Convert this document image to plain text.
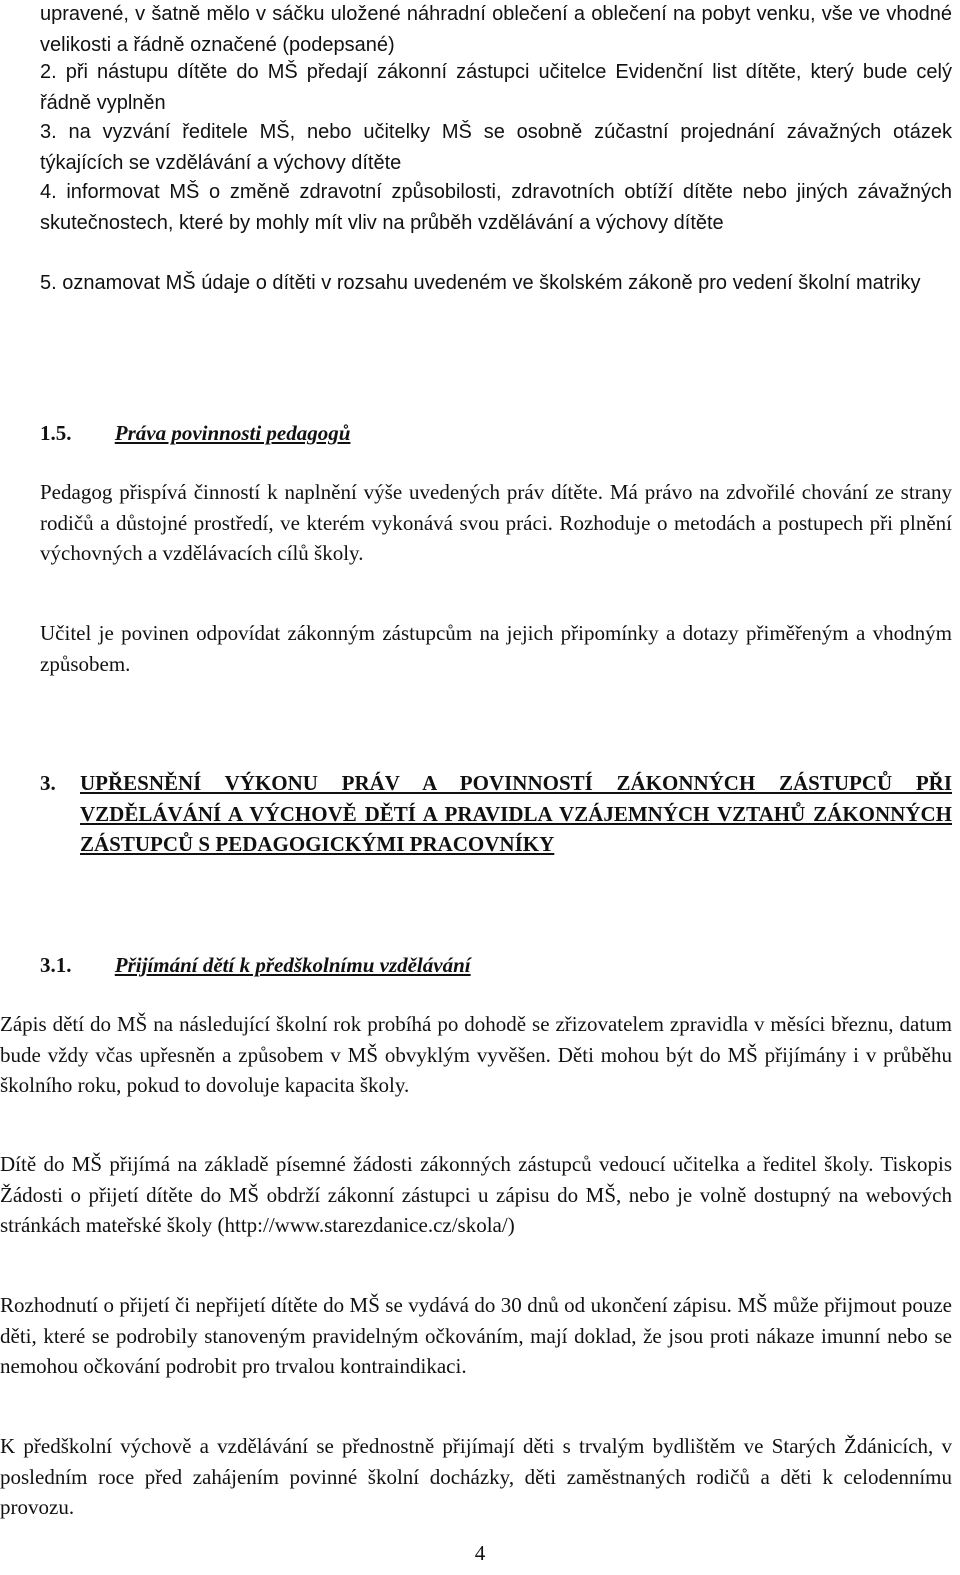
upravené, v šatně mělo v sáčku uložené náhradní oblečení a oblečení na pobyt venku, vše ve vhodné velikosti a řádně označené (podepsané)
2. při nástupu dítěte do MŠ předají zákonní zástupci učitelce Evidenční list dítěte, který bude celý řádně vyplněn
3. na vyzvání ředitele MŠ, nebo učitelky MŠ se osobně zúčastní projednání závažných otázek týkajících se vzdělávání a výchovy dítěte
4. informovat MŠ o změně zdravotní způsobilosti, zdravotních obtíží dítěte nebo jiných závažných skutečnostech, které by mohly mít vliv na průběh vzdělávání a výchovy dítěte
5. oznamovat MŠ údaje o dítěti v rozsahu uvedeném ve školském zákoně pro vedení školní matriky
1.5. Práva povinnosti pedagogů
Pedagog přispívá činností k naplnění výše uvedených práv dítěte. Má právo na zdvořilé chování ze strany rodičů a důstojné prostředí, ve kterém vykonává svou práci. Rozhoduje o metodách a postupech při plnění výchovných a vzdělávacích cílů školy.
Učitel je povinen odpovídat zákonným zástupcům na jejich připomínky a dotazy přiměřeným a vhodným způsobem.
3. UPŘESNĚNÍ VÝKONU PRÁV A POVINNOSTÍ ZÁKONNÝCH ZÁSTUPCŮ PŘI VZDĚLÁVÁNÍ A VÝCHOVĚ DĚTÍ A PRAVIDLA VZÁJEMNÝCH VZTAHŮ ZÁKONNÝCH ZÁSTUPCŮ S PEDAGOGICKÝMI PRACOVNÍKY
3.1. Přijímání dětí k předškolnímu vzdělávání
Zápis dětí do MŠ na následující školní rok probíhá po dohodě se zřizovatelem zpravidla v měsíci březnu, datum bude vždy včas upřesněn a způsobem v MŠ obvyklým vyvěšen. Děti mohou být do MŠ přijímány i v průběhu školního roku, pokud to dovoluje kapacita školy.
Dítě do MŠ přijímá na základě písemné žádosti zákonných zástupců vedoucí učitelka a ředitel školy. Tiskopis Žádosti o přijetí dítěte do MŠ obdrží zákonní zástupci u zápisu do MŠ, nebo je volně dostupný na webových stránkách mateřské školy (http://www.starezdanice.cz/skola/)
Rozhodnutí o přijetí či nepřijetí dítěte do MŠ se vydává do 30 dnů od ukončení zápisu. MŠ může přijmout pouze děti, které se podrobily stanoveným pravidelným očkováním, mají doklad, že jsou proti nákaze imunní nebo se nemohou očkování podrobit pro trvalou kontraindikaci.
K předškolní výchově a vzdělávání se přednostně přijímají děti s trvalým bydlištěm ve Starých Ždánicích, v posledním roce před zahájením povinné školní docházky, děti zaměstnaných rodičů a děti k celodennímu provozu.
4
